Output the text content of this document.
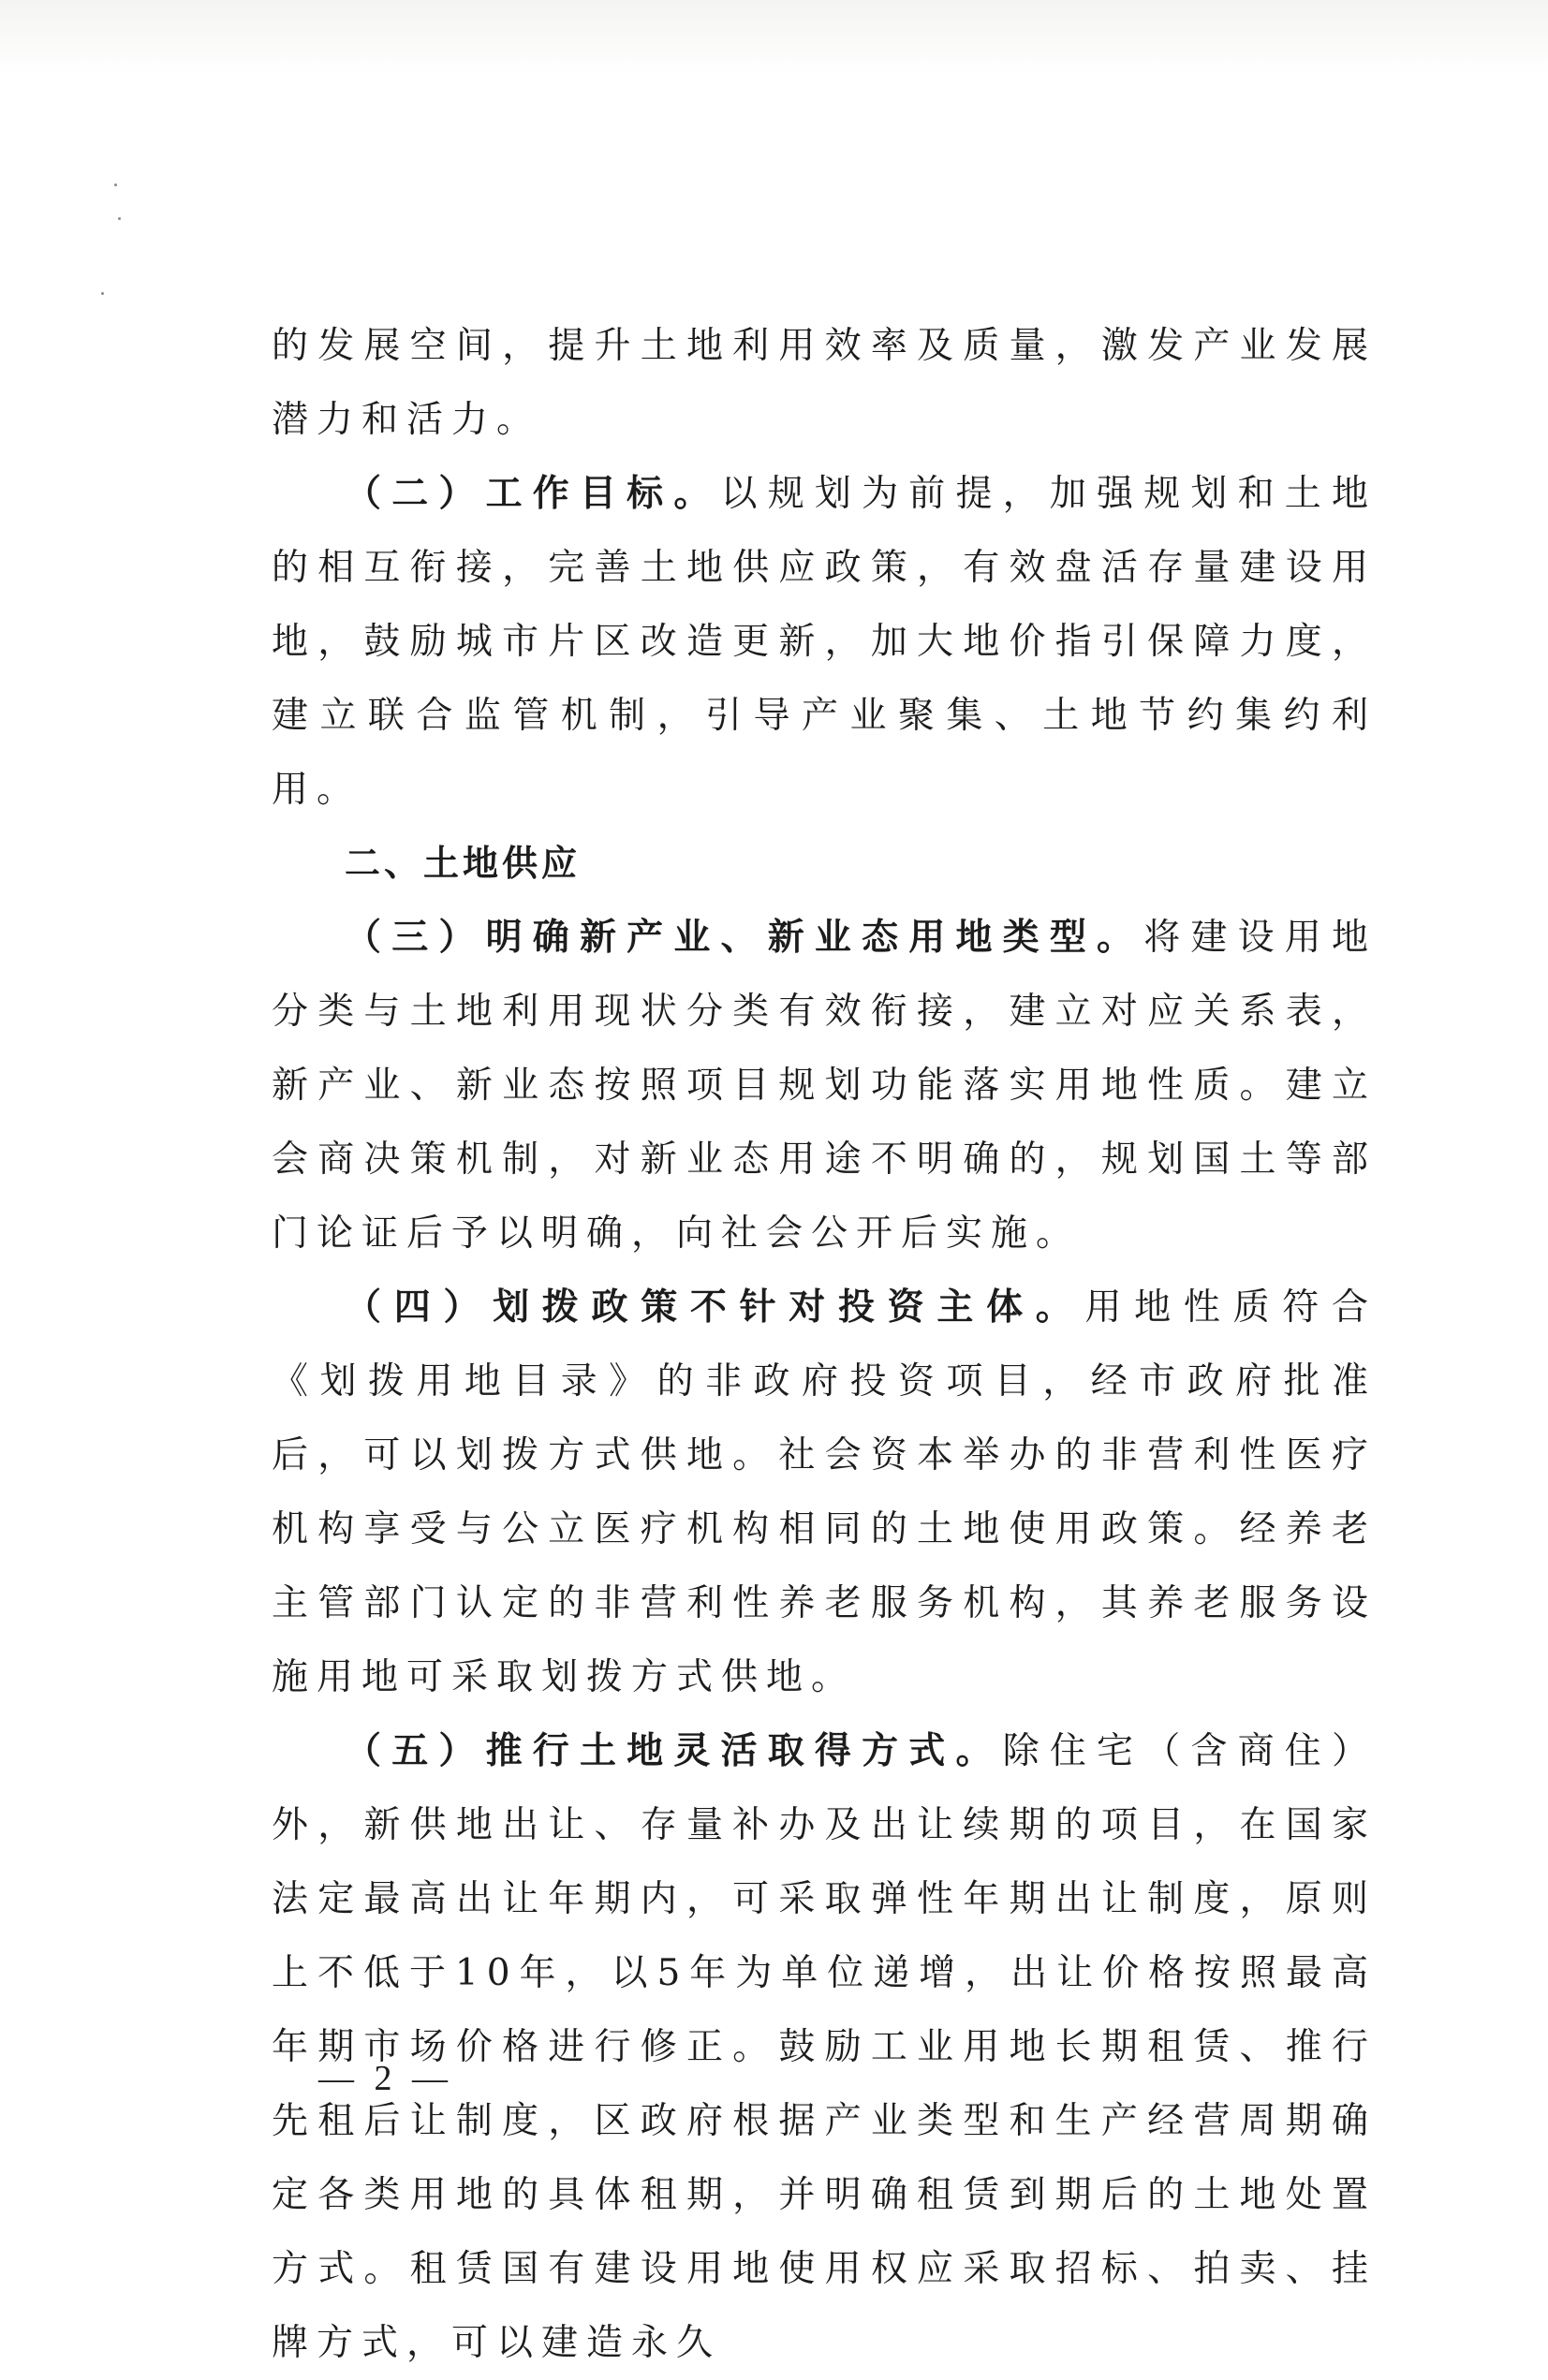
的发展空间，提升土地利用效率及质量，激发产业发展潜力和活力。

（二）工作目标。以规划为前提，加强规划和土地的相互衔接，完善土地供应政策，有效盘活存量建设用地，鼓励城市片区改造更新，加大地价指引保障力度，建立联合监管机制，引导产业聚集、土地节约集约利用。

二、土地供应

（三）明确新产业、新业态用地类型。将建设用地分类与土地利用现状分类有效衔接，建立对应关系表，新产业、新业态按照项目规划功能落实用地性质。建立会商决策机制，对新业态用途不明确的，规划国土等部门论证后予以明确，向社会公开后实施。

（四）划拨政策不针对投资主体。用地性质符合《划拨用地目录》的非政府投资项目，经市政府批准后，可以划拨方式供地。社会资本举办的非营利性医疗机构享受与公立医疗机构相同的土地使用政策。经养老主管部门认定的非营利性养老服务机构，其养老服务设施用地可采取划拨方式供地。

（五）推行土地灵活取得方式。除住宅（含商住）外，新供地出让、存量补办及出让续期的项目，在国家法定最高出让年期内，可采取弹性年期出让制度，原则上不低于10年，以5年为单位递增，出让价格按照最高年期市场价格进行修正。鼓励工业用地长期租赁、推行先租后让制度，区政府根据产业类型和生产经营周期确定各类用地的具体租期，并明确租赁到期后的土地处置方式。租赁国有建设用地使用权应采取招标、拍卖、挂牌方式，可以建造永久

— 2 —
